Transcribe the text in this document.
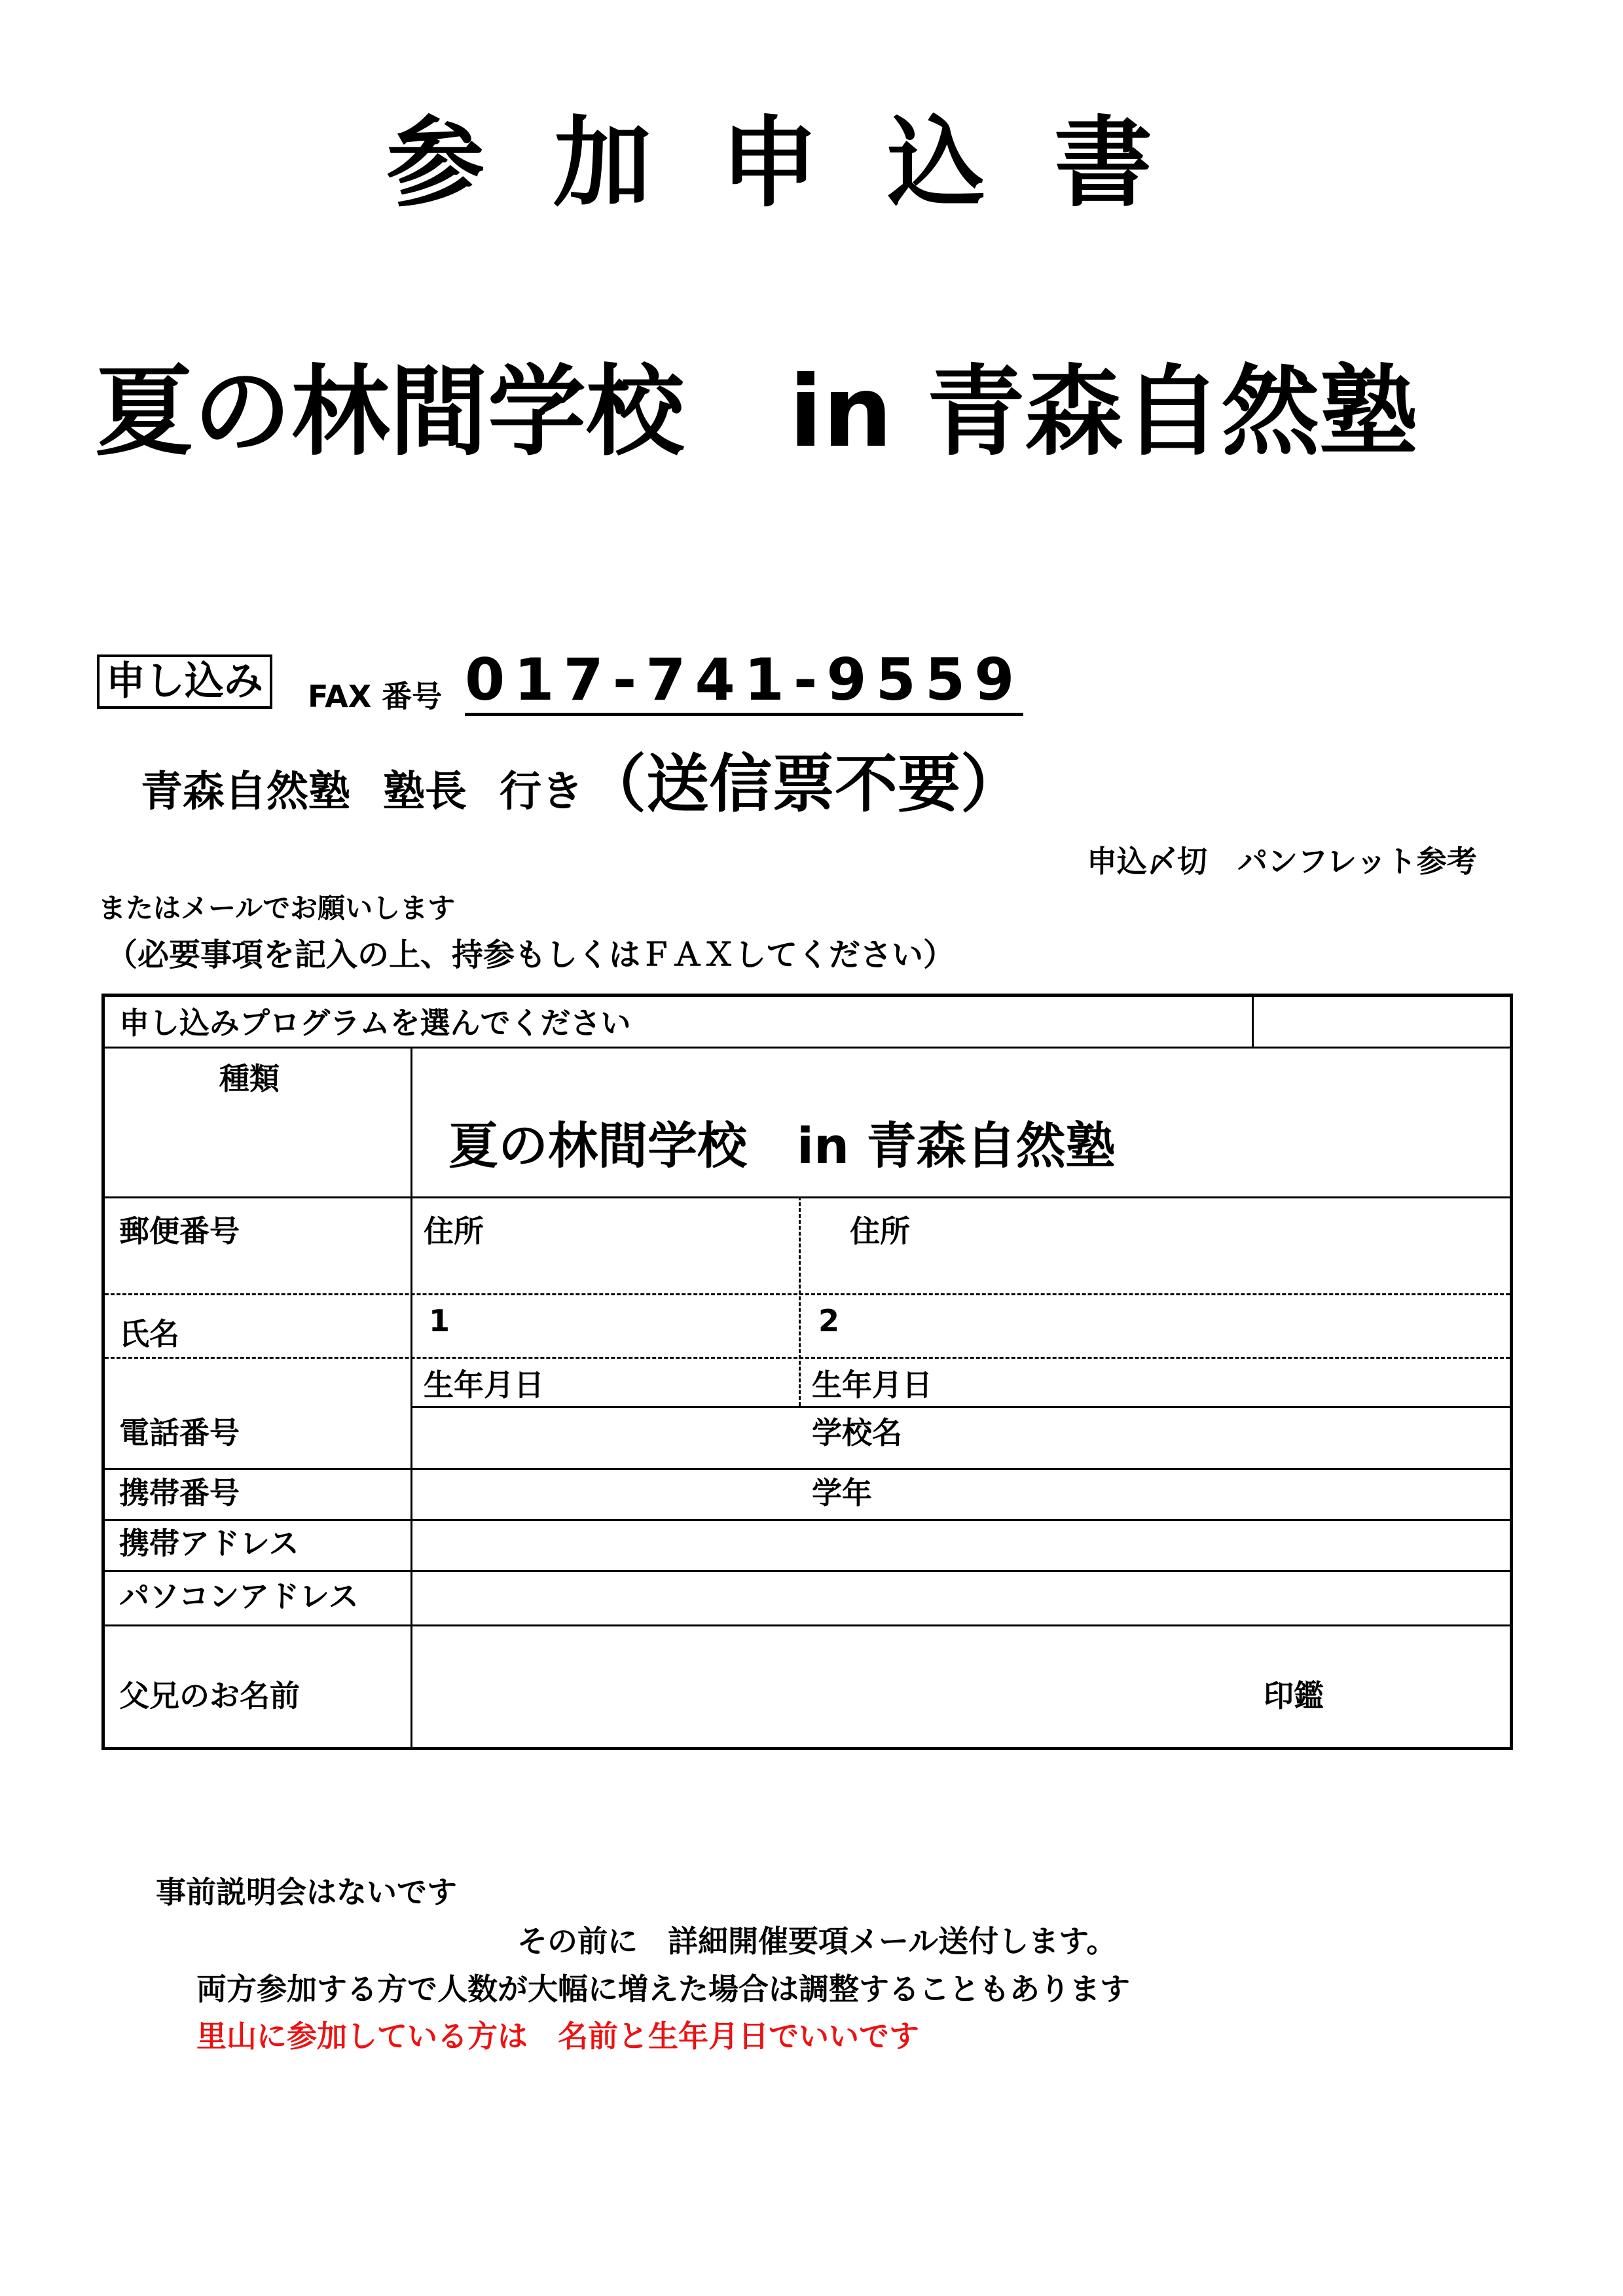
参加申込書
夏の林間学校 in 青森自然塾
申し込み	FAX 番号 017-741-9559
青森自然塾 塾長 行き（送信票不要）
申込〆切　パンフレット参考
またはメールでお願いします
（必要事項を記入の上、持参もしくはＦＡＸしてください）
申し込みプログラムを選んでください
種類
夏の林間学校　in 青森自然塾
郵便番号	住所	住所
氏名	1	2
生年月日	生年月日
電話番号	学校名
携帯番号	学年
携帯アドレス
パソコンアドレス
父兄のお名前	印鑑
事前説明会はないです
その前に　詳細開催要項メール送付します。
両方参加する方で人数が大幅に増えた場合は調整することもあります
里山に参加している方は　名前と生年月日でいいです
